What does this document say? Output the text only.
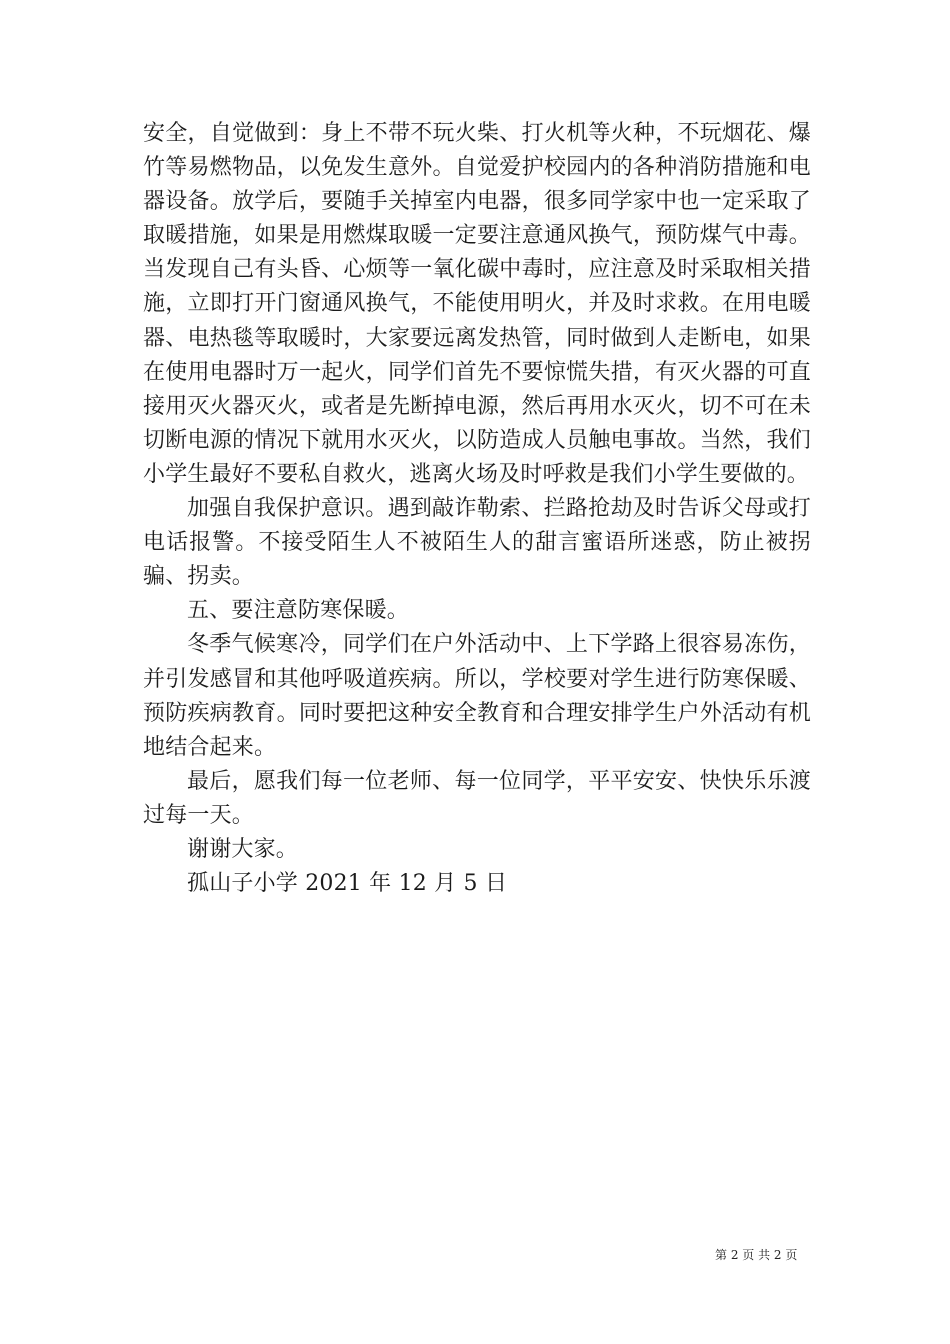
安全，自觉做到：身上不带不玩火柴、打火机等火种，不玩烟花、爆竹等易燃物品，以免发生意外。自觉爱护校园内的各种消防措施和电器设备。放学后，要随手关掉室内电器，很多同学家中也一定采取了取暖措施，如果是用燃煤取暖一定要注意通风换气，预防煤气中毒。当发现自己有头昏、心烦等一氧化碳中毒时，应注意及时采取相关措施，立即打开门窗通风换气，不能使用明火，并及时求救。在用电暖器、电热毯等取暖时，大家要远离发热管，同时做到人走断电，如果在使用电器时万一起火，同学们首先不要惊慌失措，有灭火器的可直接用灭火器灭火，或者是先断掉电源，然后再用水灭火，切不可在未切断电源的情况下就用水灭火，以防造成人员触电事故。当然，我们小学生最好不要私自救火，逃离火场及时呼救是我们小学生要做的。

加强自我保护意识。遇到敲诈勒索、拦路抢劫及时告诉父母或打电话报警。不接受陌生人不被陌生人的甜言蜜语所迷惑，防止被拐骗、拐卖。

五、要注意防寒保暖。

冬季气候寒冷，同学们在户外活动中、上下学路上很容易冻伤，并引发感冒和其他呼吸道疾病。所以，学校要对学生进行防寒保暖、预防疾病教育。同时要把这种安全教育和合理安排学生户外活动有机地结合起来。

最后，愿我们每一位老师、每一位同学，平平安安、快快乐乐渡过每一天。

谢谢大家。

孤山子小学 2021 年 12 月 5 日

第 2 页 共 2 页
